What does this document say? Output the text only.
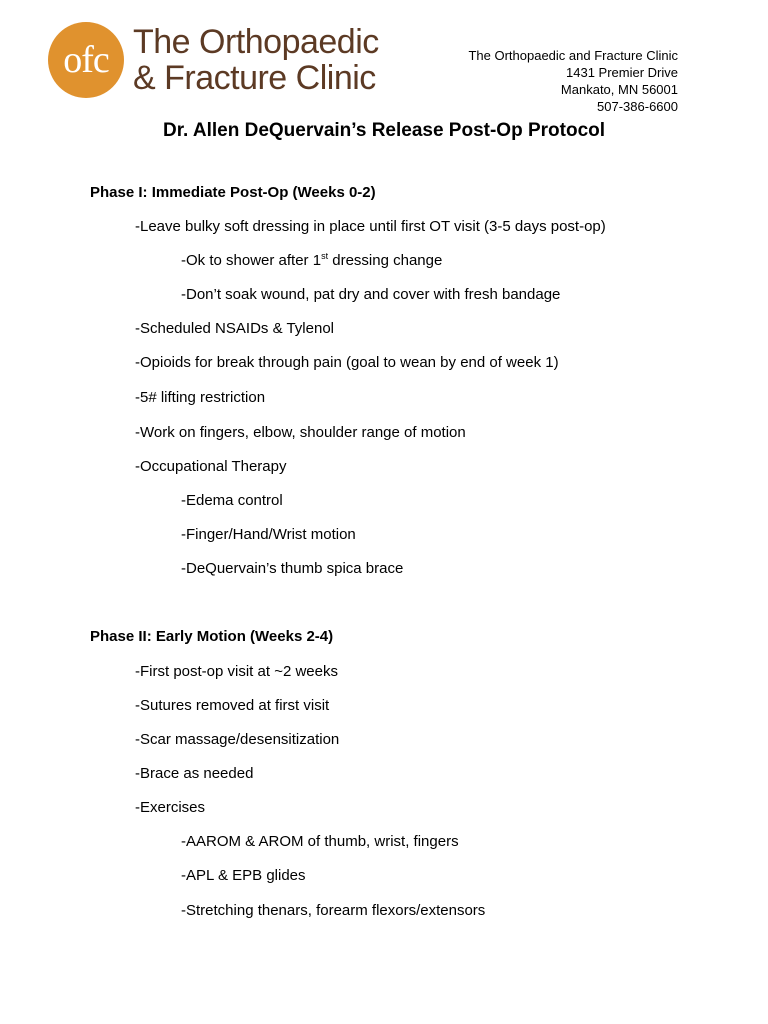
ofc The Orthopaedic
& Fracture Clinic
The Orthopaedic and Fracture Clinic
1431 Premier Drive
Mankato, MN 56001
507-386-6600
Dr. Allen DeQuervain’s Release Post-Op Protocol
Phase I: Immediate Post-Op (Weeks 0-2)
-Leave bulky soft dressing in place until first OT visit (3-5 days post-op)
-Ok to shower after 1st dressing change
-Don’t soak wound, pat dry and cover with fresh bandage
-Scheduled NSAIDs & Tylenol
-Opioids for break through pain (goal to wean by end of week 1)
-5# lifting restriction
-Work on fingers, elbow, shoulder range of motion
-Occupational Therapy
-Edema control
-Finger/Hand/Wrist motion
-DeQuervain’s thumb spica brace
Phase II: Early Motion (Weeks 2-4)
-First post-op visit at ~2 weeks
-Sutures removed at first visit
-Scar massage/desensitization
-Brace as needed
-Exercises
-AAROM & AROM of thumb, wrist, fingers
-APL & EPB glides
-Stretching thenars, forearm flexors/extensors
